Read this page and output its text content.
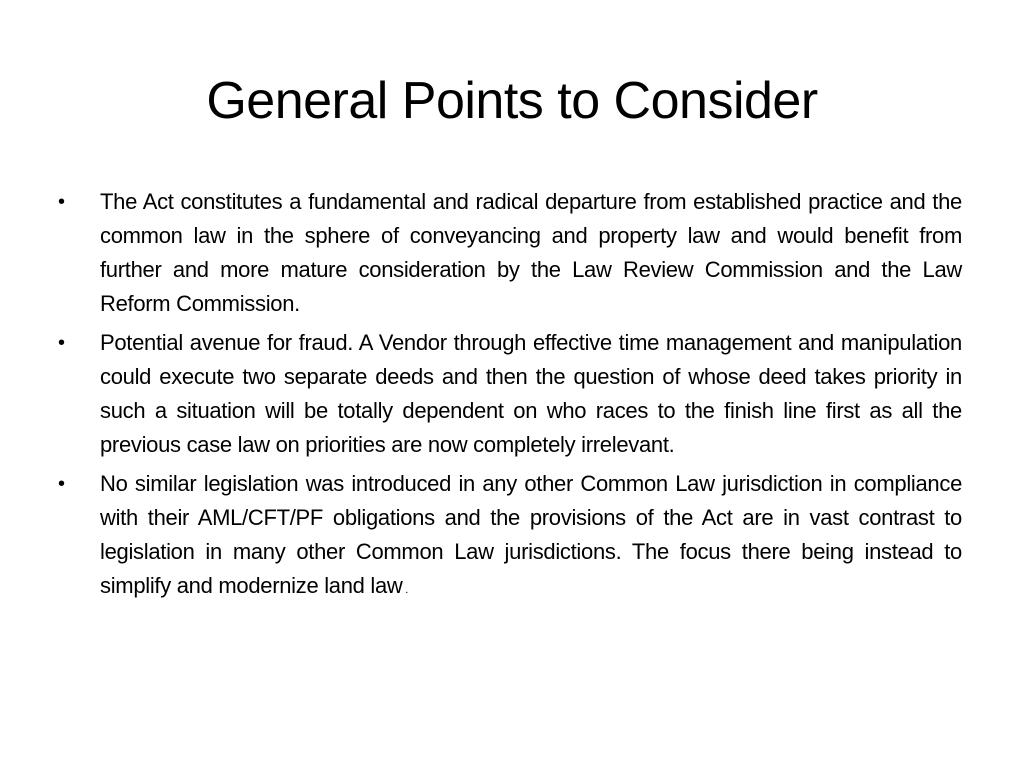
General Points to Consider
• The Act constitutes a fundamental and radical departure from established practice and the common law in the sphere of conveyancing and property law and would benefit from further and more mature consideration by the Law Review Commission and the Law Reform Commission.
• Potential avenue for fraud. A Vendor through effective time management and manipulation could execute two separate deeds and then the question of whose deed takes priority in such a situation will be totally dependent on who races to the finish line first as all the previous case law on priorities are now completely irrelevant.
• No similar legislation was introduced in any other Common Law jurisdiction in compliance with their AML/CFT/PF obligations and the provisions of the Act are in vast contrast to legislation in many other Common Law jurisdictions. The focus there being instead to simplify and modernize land law .
